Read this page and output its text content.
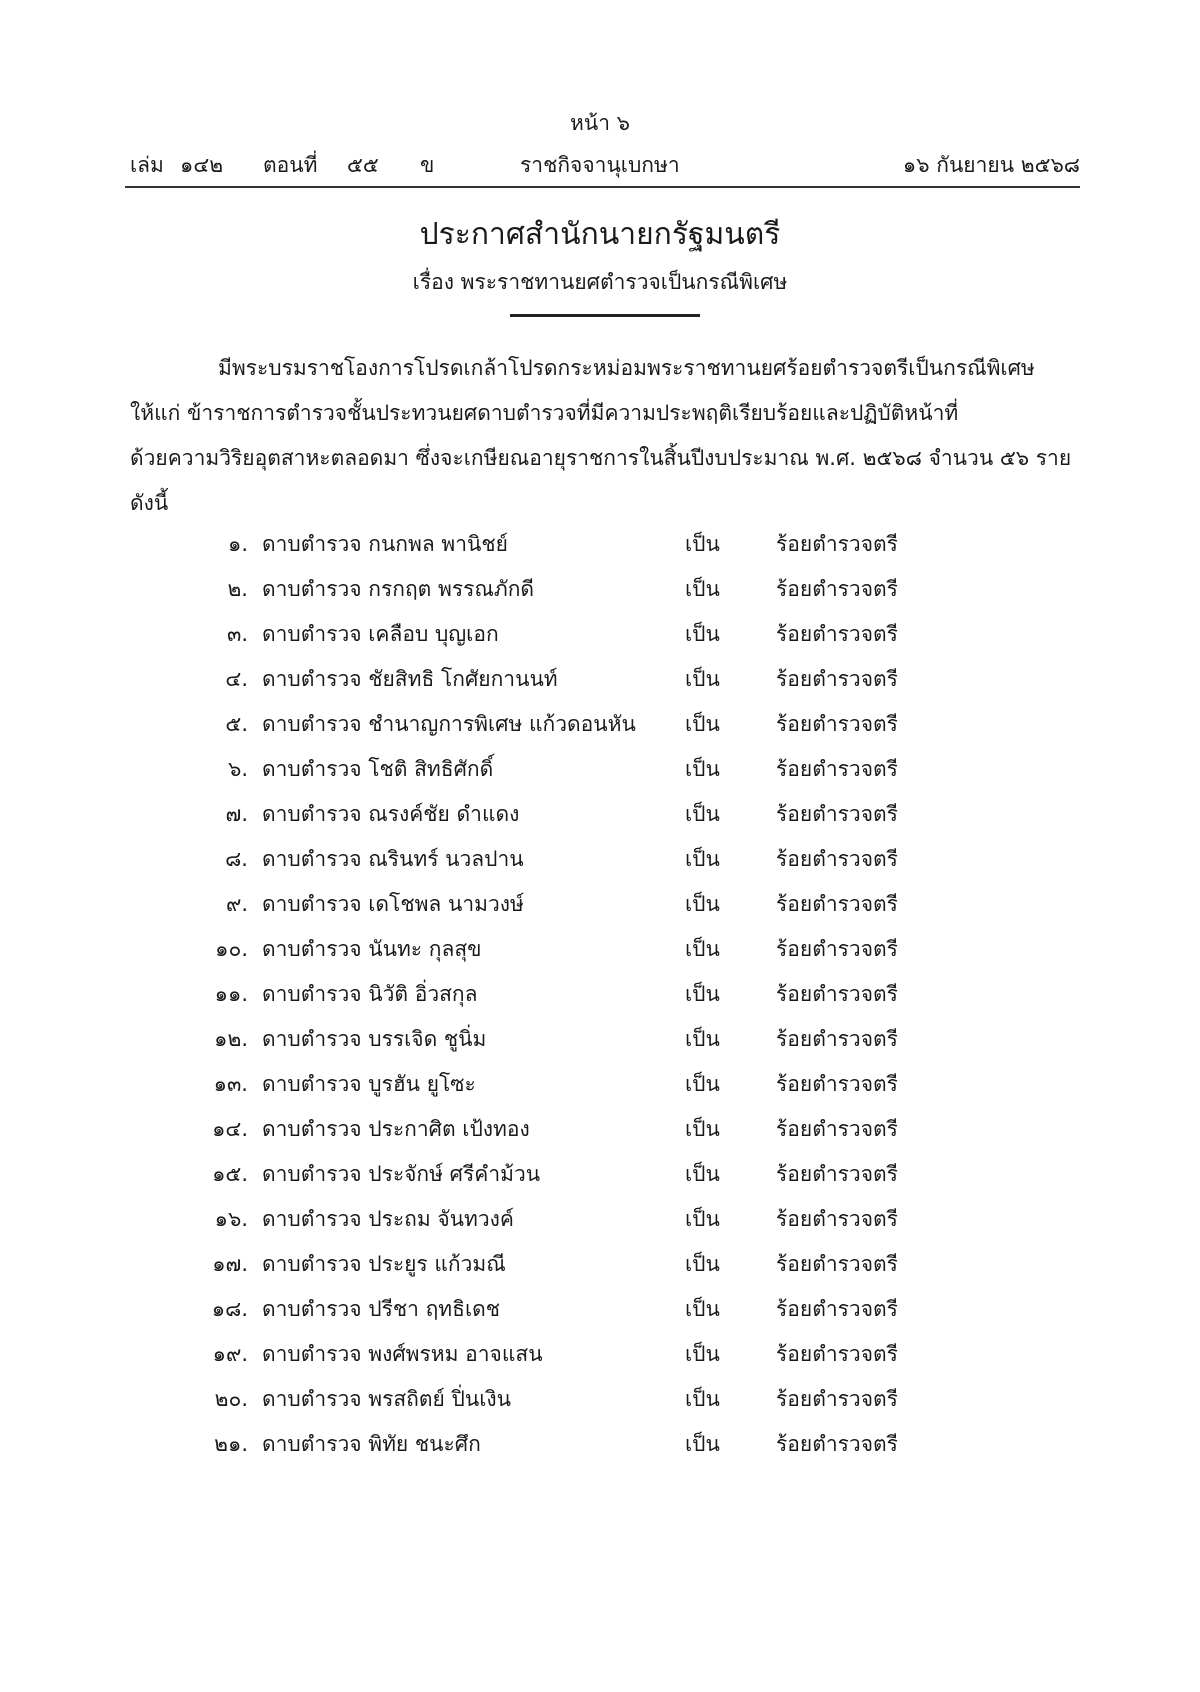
หน้า ๖
เล่ม ๑๔๒ ตอนที่ ๕๕ ข	ราชกิจจานุเบกษา	๑๖ กันยายน ๒๕๖๘
ประกาศสำนักนายกรัฐมนตรี
เรื่อง พระราชทานยศตำรวจเป็นกรณีพิเศษ
มีพระบรมราชโองการโปรดเกล้าโปรดกระหม่อมพระราชทานยศร้อยตำรวจตรีเป็นกรณีพิเศษ
ให้แก่ ข้าราชการตำรวจชั้นประทวนยศดาบตำรวจที่มีความประพฤติเรียบร้อยและปฏิบัติหน้าที่
ด้วยความวิริยอุตสาหะตลอดมา ซึ่งจะเกษียณอายุราชการในสิ้นปีงบประมาณ พ.ศ. ๒๕๖๘ จำนวน ๕๖ ราย
ดังนี้
๑. ดาบตำรวจ กนกพล พานิชย์	เป็น	ร้อยตำรวจตรี
๒. ดาบตำรวจ กรกฤต พรรณภักดี	เป็น	ร้อยตำรวจตรี
๓. ดาบตำรวจ เคลือบ บุญเอก	เป็น	ร้อยตำรวจตรี
๔. ดาบตำรวจ ชัยสิทธิ โกศัยกานนท์	เป็น	ร้อยตำรวจตรี
๕. ดาบตำรวจ ชำนาญการพิเศษ แก้วดอนหัน เป็น	ร้อยตำรวจตรี
๖. ดาบตำรวจ โชติ สิทธิศักดิ์	เป็น	ร้อยตำรวจตรี
๗. ดาบตำรวจ ณรงค์ชัย ดำแดง	เป็น	ร้อยตำรวจตรี
๘. ดาบตำรวจ ณรินทร์ นวลปาน	เป็น	ร้อยตำรวจตรี
๙. ดาบตำรวจ เดโชพล นามวงษ์	เป็น	ร้อยตำรวจตรี
๑๐. ดาบตำรวจ นันทะ กุลสุข	เป็น	ร้อยตำรวจตรี
๑๑. ดาบตำรวจ นิวัติ อิ่วสกุล	เป็น	ร้อยตำรวจตรี
๑๒. ดาบตำรวจ บรรเจิด ชูนิ่ม	เป็น	ร้อยตำรวจตรี
๑๓. ดาบตำรวจ บูรฮัน ยูโซะ	เป็น	ร้อยตำรวจตรี
๑๔. ดาบตำรวจ ประกาศิต เป้งทอง	เป็น	ร้อยตำรวจตรี
๑๕. ดาบตำรวจ ประจักษ์ ศรีคำม้วน	เป็น	ร้อยตำรวจตรี
๑๖. ดาบตำรวจ ประถม จันทวงค์	เป็น	ร้อยตำรวจตรี
๑๗. ดาบตำรวจ ประยูร แก้วมณี	เป็น	ร้อยตำรวจตรี
๑๘. ดาบตำรวจ ปรีชา ฤทธิเดช	เป็น	ร้อยตำรวจตรี
๑๙. ดาบตำรวจ พงศ์พรหม อาจแสน	เป็น	ร้อยตำรวจตรี
๒๐. ดาบตำรวจ พรสถิตย์ ปิ่นเงิน	เป็น	ร้อยตำรวจตรี
๒๑. ดาบตำรวจ พิทัย ชนะศึก	เป็น	ร้อยตำรวจตรี
